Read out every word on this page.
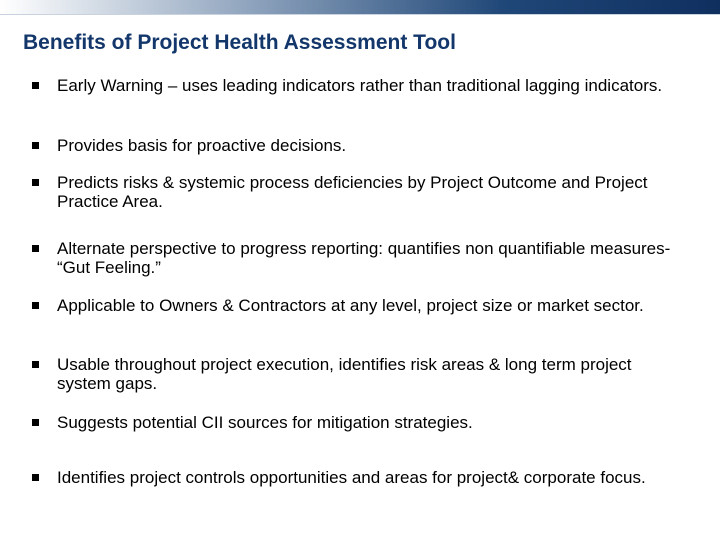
Benefits of Project Health Assessment Tool
Early Warning – uses leading indicators rather than traditional lagging indicators.
Provides basis for proactive decisions.
Predicts risks & systemic process deficiencies by Project Outcome and Project Practice Area.
Alternate perspective to progress reporting: quantifies non quantifiable measures- “Gut Feeling.”
Applicable to Owners & Contractors at any level, project size or market sector.
Usable throughout project execution, identifies risk areas & long term project system gaps.
Suggests potential CII sources for mitigation strategies.
Identifies project controls opportunities and areas for project& corporate focus.
